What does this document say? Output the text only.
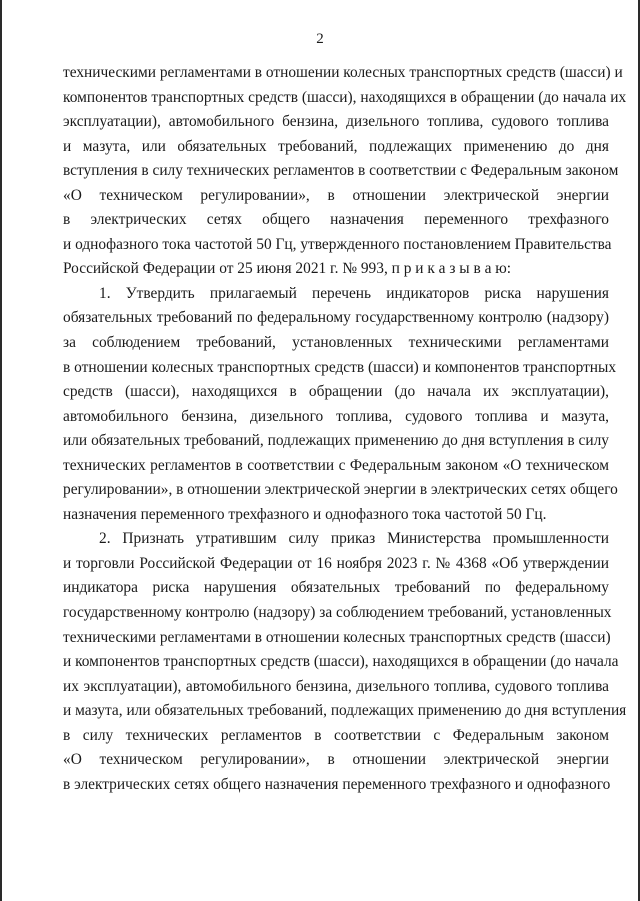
2
техническими регламентами в отношении колесных транспортных средств (шасси) и
компонентов транспортных средств (шасси), находящихся в обращении (до начала их
эксплуатации), автомобильного бензина, дизельного топлива, судового топлива
и мазута, или обязательных требований, подлежащих применению до дня
вступления в силу технических регламентов в соответствии с Федеральным законом
«О техническом регулировании», в отношении электрической энергии
в электрических сетях общего назначения переменного трехфазного
и однофазного тока частотой 50 Гц, утвержденного постановлением Правительства
Российской Федерации от 25 июня 2021 г. № 993, п р и к а з ы в а ю:
1. Утвердить прилагаемый перечень индикаторов риска нарушения
обязательных требований по федеральному государственному контролю (надзору)
за соблюдением требований, установленных техническими регламентами
в отношении колесных транспортных средств (шасси) и компонентов транспортных
средств (шасси), находящихся в обращении (до начала их эксплуатации),
автомобильного бензина, дизельного топлива, судового топлива и мазута,
или обязательных требований, подлежащих применению до дня вступления в силу
технических регламентов в соответствии с Федеральным законом «О техническом
регулировании», в отношении электрической энергии в электрических сетях общего
назначения переменного трехфазного и однофазного тока частотой 50 Гц.
2. Признать утратившим силу приказ Министерства промышленности
и торговли Российской Федерации от 16 ноября 2023 г. № 4368 «Об утверждении
индикатора риска нарушения обязательных требований по федеральному
государственному контролю (надзору) за соблюдением требований, установленных
техническими регламентами в отношении колесных транспортных средств (шасси)
и компонентов транспортных средств (шасси), находящихся в обращении (до начала
их эксплуатации), автомобильного бензина, дизельного топлива, судового топлива
и мазута, или обязательных требований, подлежащих применению до дня вступления
в силу технических регламентов в соответствии с Федеральным законом
«О техническом регулировании», в отношении электрической энергии
в электрических сетях общего назначения переменного трехфазного и однофазного
